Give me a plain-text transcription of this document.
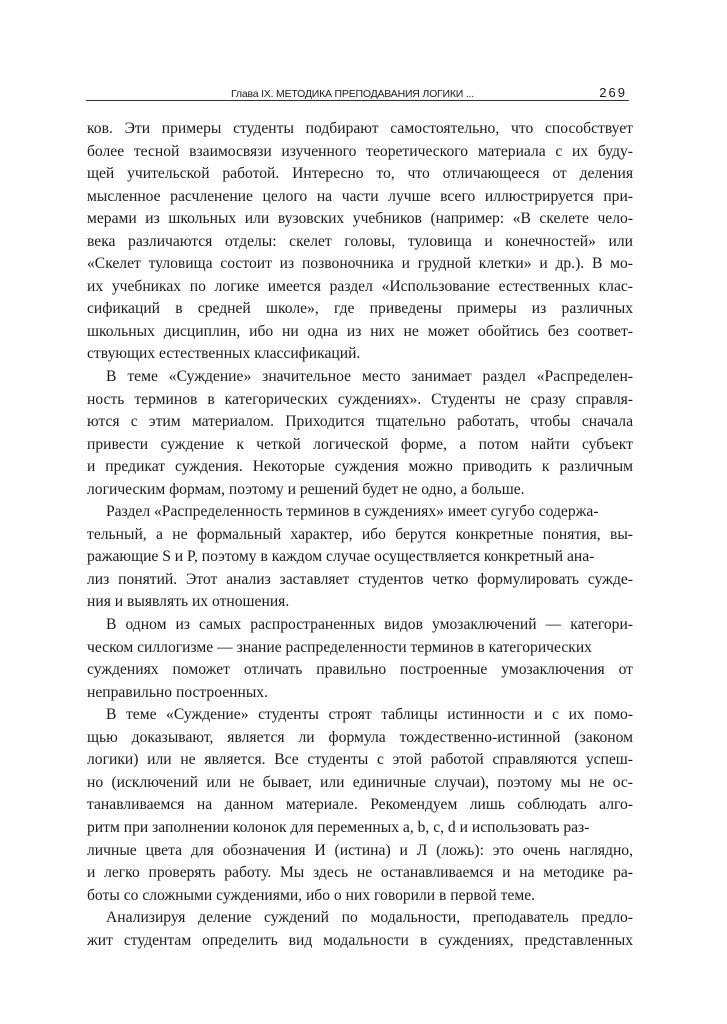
Глава IX. МЕТОДИКА ПРЕПОДАВАНИЯ ЛОГИКИ ...	269
ков. Эти примеры студенты подбирают самостоятельно, что способствует
более тесной взаимосвязи изученного теоретического материала с их буду-
щей учительской работой. Интересно то, что отличающееся от деления
мысленное расчленение целого на части лучше всего иллюстрируется при-
мерами из школьных или вузовских учебников (например: «В скелете чело-
века различаются отделы: скелет головы, туловища и конечностей» или
«Скелет туловища состоит из позвоночника и грудной клетки» и др.). В мо-
их учебниках по логике имеется раздел «Использование естественных клас-
сификаций в средней школе», где приведены примеры из различных
школьных дисциплин, ибо ни одна из них не может обойтись без соответ-
ствующих естественных классификаций.
В теме «Суждение» значительное место занимает раздел «Распределен-
ность терминов в категорических суждениях». Студенты не сразу справля-
ются с этим материалом. Приходится тщательно работать, чтобы сначала
привести суждение к четкой логической форме, а потом найти субъект
и предикат суждения. Некоторые суждения можно приводить к различным
логическим формам, поэтому и решений будет не одно, а больше.
Раздел «Распределенность терминов в суждениях» имеет сугубо содержа-
тельный, а не формальный характер, ибо берутся конкретные понятия, вы-
ражающие S и P, поэтому в каждом случае осуществляется конкретный ана-
лиз понятий. Этот анализ заставляет студентов четко формулировать сужде-
ния и выявлять их отношения.
В одном из самых распространенных видов умозаключений — категори-
ческом силлогизме — знание распределенности терминов в категорических
суждениях поможет отличать правильно построенные умозаключения от
неправильно построенных.
В теме «Суждение» студенты строят таблицы истинности и с их помо-
щью доказывают, является ли формула тождественно-истинной (законом
логики) или не является. Все студенты с этой работой справляются успеш-
но (исключений или не бывает, или единичные случаи), поэтому мы не ос-
танавливаемся на данном материале. Рекомендуем лишь соблюдать алго-
ритм при заполнении колонок для переменных a, b, c, d и использовать раз-
личные цвета для обозначения И (истина) и Л (ложь): это очень наглядно,
и легко проверять работу. Мы здесь не останавливаемся и на методике ра-
боты со сложными суждениями, ибо о них говорили в первой теме.
Анализируя деление суждений по модальности, преподаватель предло-
жит студентам определить вид модальности в суждениях, представленных
